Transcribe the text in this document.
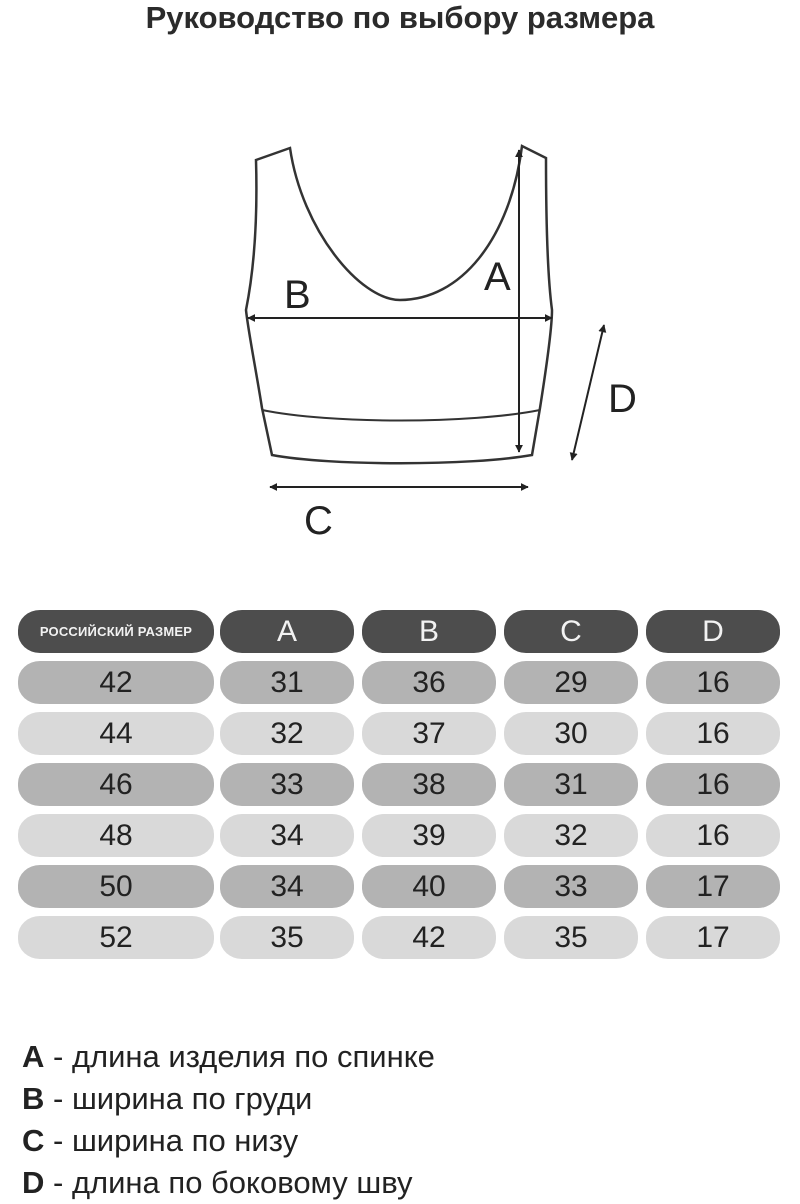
Руководство по выбору размера
A
B
C
D
РОССИЙСКИЙ РАЗМЕР	A	B	C	D
42	31	36	29	16
44	32	37	30	16
46	33	38	31	16
48	34	39	32	16
50	34	40	33	17
52	35	42	35	17
A - длина изделия по спинке
B - ширина по груди
C - ширина по низу
D - длина по боковому шву
